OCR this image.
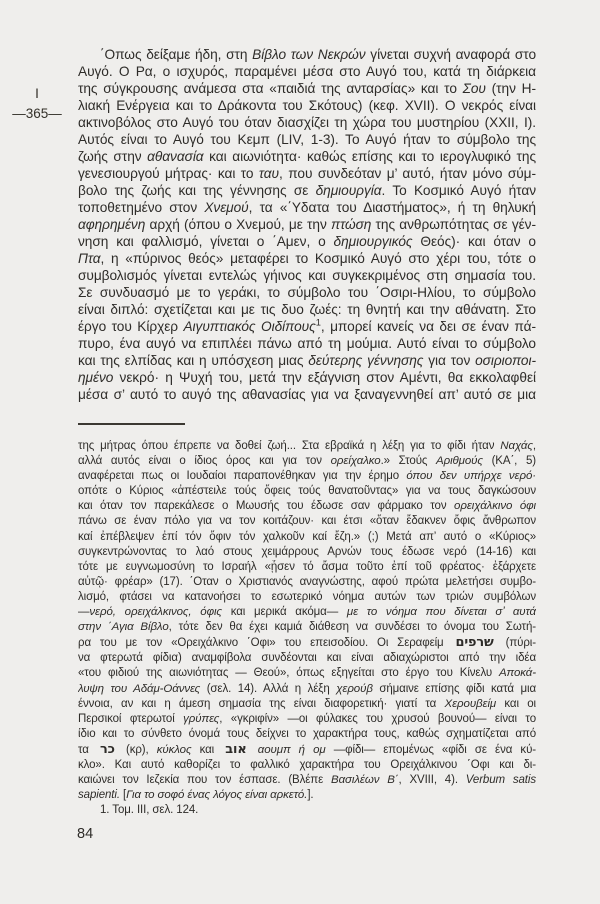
I
—365—
΄Οπως δείξαμε ήδη, στη Βίβλο των Νεκρών γίνεται συχνή αναφορά στο
Αυγό. Ο Ρα, ο ισχυρός, παραμένει μέσα στο Αυγό του, κατά τη διάρκεια
της σύγκρουσης ανάμεσα στα «παιδιά της ανταρσίας» και το Σου (την Η-
λιακή Ενέργεια και το Δράκοντα του Σκότους) (κεφ. XVII). Ο νεκρός είναι
ακτινοβόλος στο Αυγό του όταν διασχίζει τη χώρα του μυστηρίου (XXII, I).
Αυτός είναι το Αυγό του Κεμπ (LIV, 1-3). Το Αυγό ήταν το σύμβολο της
ζωής στην αθανασία και αιωνιότητα· καθώς επίσης και το ιερογλυφικό της
γενεσιουργού μήτρας· και το ταυ, που συνδεόταν μ’ αυτό, ήταν μόνο σύμ-
βολο της ζωής και της γέννησης σε δημιουργία. Το Κοσμικό Αυγό ήταν
τοποθετημένο στον Χνεμού, τα «΄Υδατα του Διαστήματος», ή τη θηλυκή
αφηρημένη αρχή (όπου ο Χνεμού, με την πτώση της ανθρωπότητας σε γέν-
νηση και φαλλισμό, γίνεται ο ΄Αμεν, ο δημιουργικός Θεός)· και όταν ο
Πτα, η «πύρινος θεός» μεταφέρει το Κοσμικό Αυγό στο χέρι του, τότε ο
συμβολισμός γίνεται εντελώς γήινος και συγκεκριμένος στη σημασία του.
Σε συνδυασμό με το γεράκι, το σύμβολο του ΄Οσιρι-Ηλίου, το σύμβολο
είναι διπλό: σχετίζεται και με τις δυο ζωές: τη θνητή και την αθάνατη. Στο
έργο του Κίρχερ Αιγυπτιακός Οιδίπους$^1$, μπορεί κανείς να δει σε έναν πά-
πυρο, ένα αυγό να επιπλέει πάνω από τη μούμια. Αυτό είναι το σύμβολο
και της ελπίδας και η υπόσχεση μιας δεύτερης γέννησης για τον οσιριοποι-
ημένο νεκρό· η Ψυχή του, μετά την εξάγνιση στον Αμέντι, θα εκκολαφθεί
μέσα σ’ αυτό το αυγό της αθανασίας για να ξαναγεννηθεί απ’ αυτό σε μια
της μήτρας όπου έπρεπε να δοθεί ζωή... Στα εβραϊκά η λέξη για το φίδι ήταν Ναχάς,
αλλά αυτός είναι ο ίδιος όρος και για τον ορείχαλκο.» Στούς Αριθμούς (ΚΑ΄, 5)
αναφέρεται πως οι Ιουδαίοι παραπονέθηκαν για την έρημο όπου δεν υπήρχε νερό·
οπότε ο Κύριος «ἀπέστειλε τούς ὄφεις τούς θανατοῦντας» για να τους δαγκώσουν
και όταν τον παρεκάλεσε ο Μωυσής του έδωσε σαν φάρμακο τον ορειχάλκινο όφι
πάνω σε έναν πόλο για να τον κοιτάζουν· και έτσι «ὅταν ἔδακνεν ὄφις ἄνθρωπον
καί ἐπέβλεψεν ἐπί τόν ὄφιν τόν χαλκοῦν καί ἔζη.» (;) Μετά απ’ αυτό ο «Κύριος»
συγκεντρώνοντας το λαό στους χειμάρρους Αρνών τους έδωσε νερό (14-16) και
τότε με ευγνωμοσύνη το Ισραήλ «ᾖσεν τό ἄσμα τοῦτο ἐπί τοῦ φρέατος· ἐξάρχετε
αὐτῷ· φρέαρ» (17). ΄Οταν ο Χριστιανός αναγνώστης, αφού πρώτα μελετήσει συμβο-
λισμό, φτάσει να κατανοήσει το εσωτερικό νόημα αυτών των τριών συμβόλων
—νερό, ορειχάλκινος, όφις και μερικά ακόμα— με το νόημα που δίνεται σ’ αυτά
στην ΄Αγια Βίβλο, τότε δεν θα έχει καμιά διάθεση να συνδέσει το όνομα του Σωτή-
ρα του με τον «Ορειχάλκινο ΄Οφι» του επεισοδίου. Οι Σεραφείμ שרפים (πύρι-
να φτερωτά φίδια) αναμφίβολα συνδέονται και είναι αδιαχώριστοι από την ιδέα
«του φιδιού της αιωνιότητας — Θεού», όπως εξηγείται στο έργο του Κίνελυ Αποκά-
λυψη του Αδάμ-Οάννες (σελ. 14). Αλλά η λέξη χερούβ σήμαινε επίσης φίδι κατά μια
έννοια, αν και η άμεση σημασία της είναι διαφορετική· γιατί τα Χερουβείμ και οι
Περσικοί φτερωτοί γρύπες, «γκριφίν» —οι φύλακες του χρυσού βουνού— είναι το
ίδιο και το σύνθετο όνομά τους δείχνει το χαρακτήρα τους, καθώς σχηματίζεται από
τα כר (κρ), κύκλος και אוב αουμπ ή ομ —φίδι— επομένως «φίδι σε ένα κύ-
κλο». Και αυτό καθορίζει το φαλλικό χαρακτήρα του Ορειχάλκινου ΄Οφι και δι-
καιώνει τον Ιεζεκία που τον έσπασε. (Βλέπε Βασιλέων Β΄, XVIII, 4). Verbum satis
sapienti. [Για το σοφό ένας λόγος είναι αρκετό.].
1. Τομ. III, σελ. 124.
84
